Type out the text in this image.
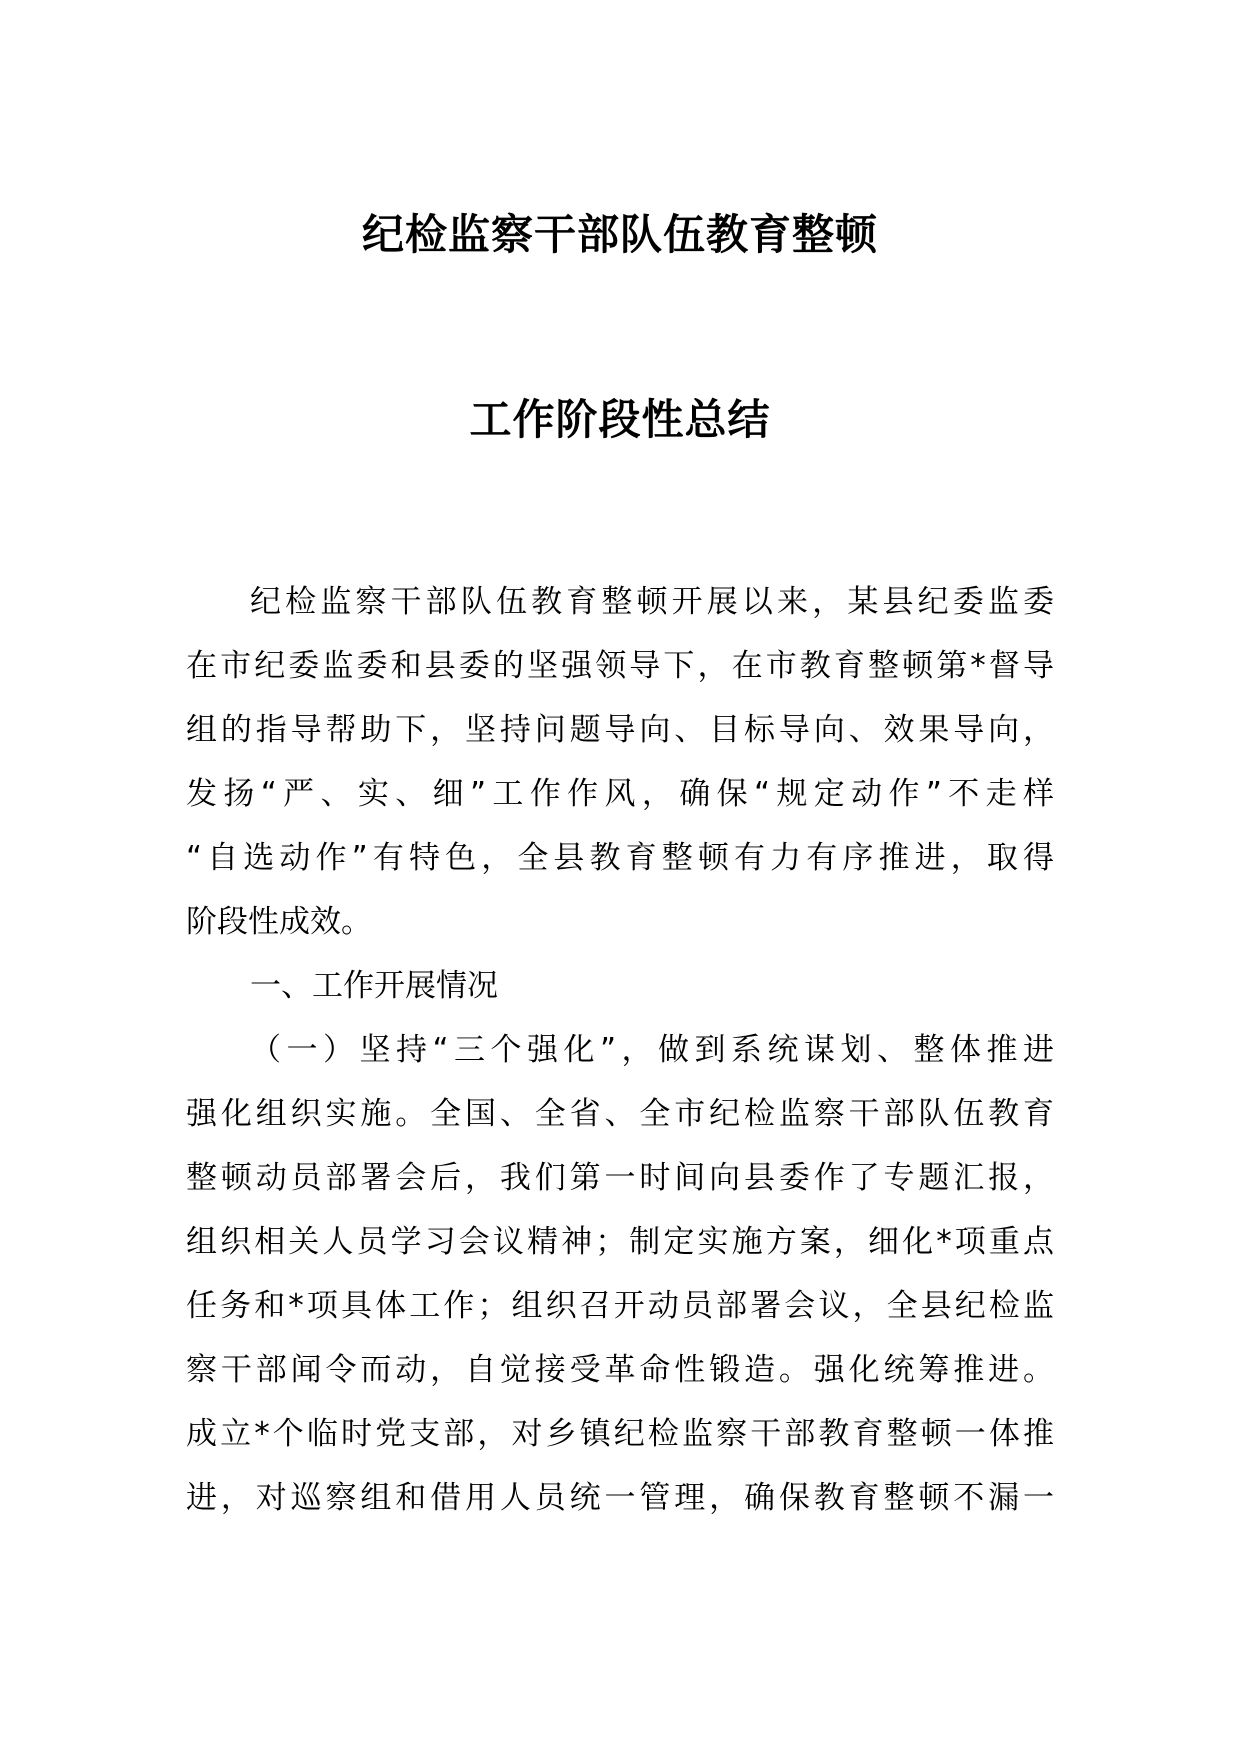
纪检监察干部队伍教育整顿
工作阶段性总结
纪检监察干部队伍教育整顿开展以来，某县纪委监委
在市纪委监委和县委的坚强领导下，在市教育整顿第*督导
组的指导帮助下，坚持问题导向、目标导向、效果导向，
发扬“严、实、细”工作作风，确保“规定动作”不走样
“自选动作”有特色，全县教育整顿有力有序推进，取得
阶段性成效。
一、工作开展情况
（一）坚持“三个强化”，做到系统谋划、整体推进
强化组织实施。全国、全省、全市纪检监察干部队伍教育
整顿动员部署会后，我们第一时间向县委作了专题汇报，
组织相关人员学习会议精神；制定实施方案，细化*项重点
任务和*项具体工作；组织召开动员部署会议，全县纪检监
察干部闻令而动，自觉接受革命性锻造。强化统筹推进。
成立*个临时党支部，对乡镇纪检监察干部教育整顿一体推
进，对巡察组和借用人员统一管理，确保教育整顿不漏一
